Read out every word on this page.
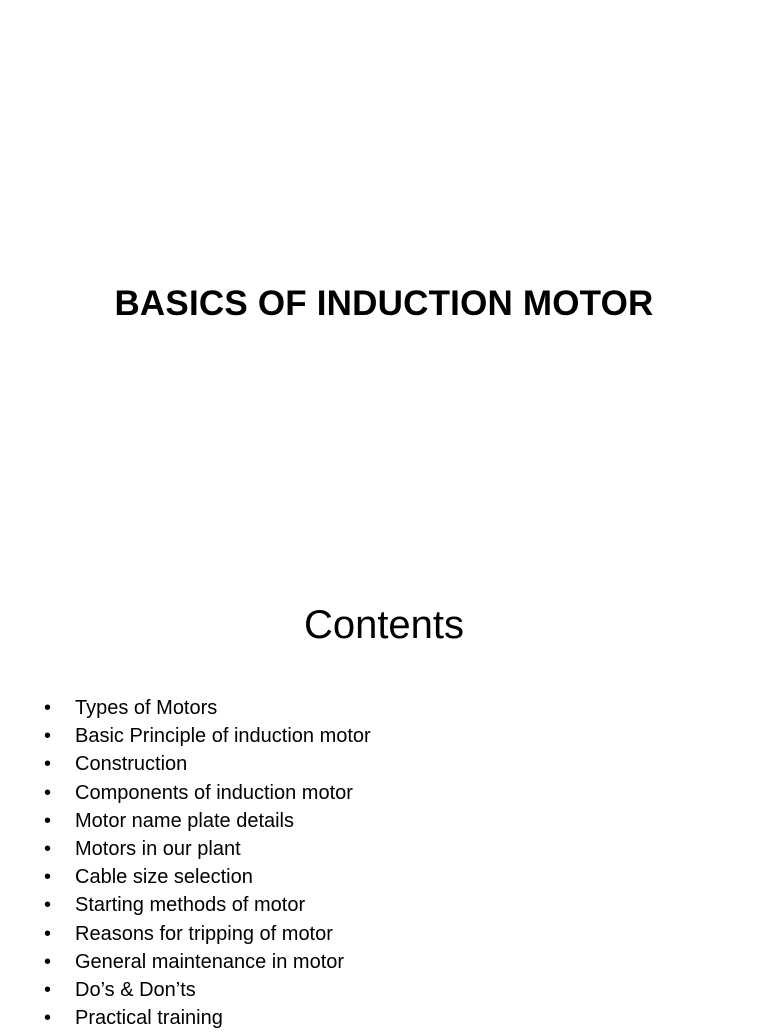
BASICS OF INDUCTION MOTOR
Contents
•	Types of Motors
•	Basic Principle of induction motor
•	Construction
•	Components of induction motor
•	Motor name plate details
•	Motors in our plant
•	Cable size selection
•	Starting methods of motor
•	Reasons for tripping of motor
•	General maintenance in motor
•	Do’s & Don’ts
•	Practical training
